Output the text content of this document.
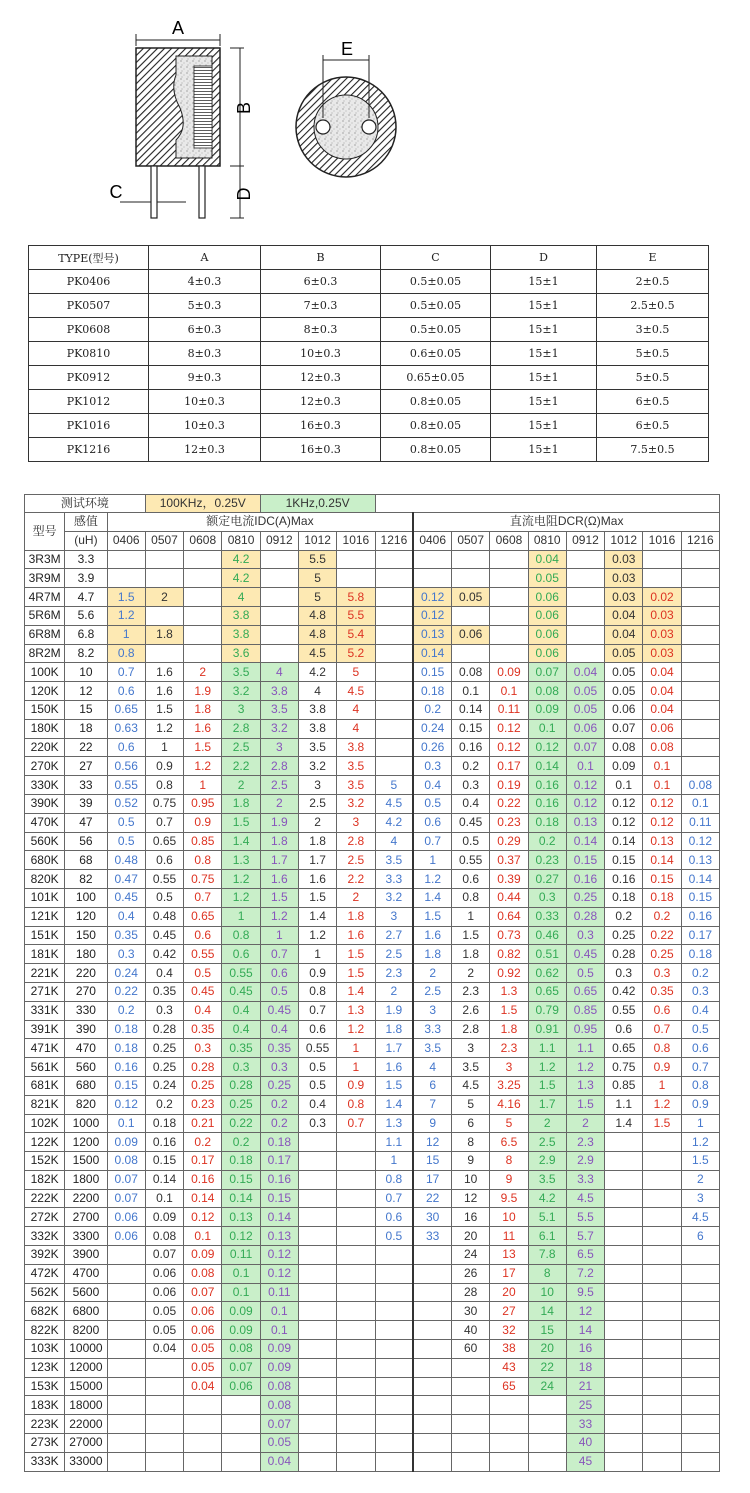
A
B
D
C
E
TYPE(型号)	A	B	C	D	E
PK0406	4±0.3	6±0.3	0.5±0.05	15±1	2±0.5
PK0507	5±0.3	7±0.3	0.5±0.05	15±1	2.5±0.5
PK0608	6±0.3	8±0.3	0.5±0.05	15±1	3±0.5
PK0810	8±0.3	10±0.3	0.6±0.05	15±1	5±0.5
PK0912	9±0.3	12±0.3	0.65±0.05	15±1	5±0.5
PK1012	10±0.3	12±0.3	0.8±0.05	15±1	6±0.5
PK1016	10±0.3	16±0.3	0.8±0.05	15±1	6±0.5
PK1216	12±0.3	16±0.3	0.8±0.05	15±1	7.5±0.5
测试环境			100KHz，0.25V			1KHz,0.25V											
型号	感值	额定电流IDC(A)Max								直流电阻DCR(Ω)Max							
	(uH)	0406	0507	0608	0810	0912	1012	1016	1216	0406	0507	0608	0810	0912	1012	1016	1216
3R3M	3.3				4.2		5.5						0.04		0.03		
3R9M	3.9				4.2		5						0.05		0.03		
4R7M	4.7	1.5	2		4		5	5.8		0.12	0.05		0.06		0.03	0.02	
5R6M	5.6	1.2			3.8		4.8	5.5		0.12			0.06		0.04	0.03	
6R8M	6.8	1	1.8		3.8		4.8	5.4		0.13	0.06		0.06		0.04	0.03	
8R2M	8.2	0.8			3.6		4.5	5.2		0.14			0.06		0.05	0.03	
100K	10	0.7	1.6	2	3.5	4	4.2	5		0.15	0.08	0.09	0.07	0.04	0.05	0.04	
120K	12	0.6	1.6	1.9	3.2	3.8	4	4.5		0.18	0.1	0.1	0.08	0.05	0.05	0.04	
150K	15	0.65	1.5	1.8	3	3.5	3.8	4		0.2	0.14	0.11	0.09	0.05	0.06	0.04	
180K	18	0.63	1.2	1.6	2.8	3.2	3.8	4		0.24	0.15	0.12	0.1	0.06	0.07	0.06	
220K	22	0.6	1	1.5	2.5	3	3.5	3.8		0.26	0.16	0.12	0.12	0.07	0.08	0.08	
270K	27	0.56	0.9	1.2	2.2	2.8	3.2	3.5		0.3	0.2	0.17	0.14	0.1	0.09	0.1	
330K	33	0.55	0.8	1	2	2.5	3	3.5	5	0.4	0.3	0.19	0.16	0.12	0.1	0.1	0.08
390K	39	0.52	0.75	0.95	1.8	2	2.5	3.2	4.5	0.5	0.4	0.22	0.16	0.12	0.12	0.12	0.1
470K	47	0.5	0.7	0.9	1.5	1.9	2	3	4.2	0.6	0.45	0.23	0.18	0.13	0.12	0.12	0.11
560K	56	0.5	0.65	0.85	1.4	1.8	1.8	2.8	4	0.7	0.5	0.29	0.2	0.14	0.14	0.13	0.12
680K	68	0.48	0.6	0.8	1.3	1.7	1.7	2.5	3.5	1	0.55	0.37	0.23	0.15	0.15	0.14	0.13
820K	82	0.47	0.55	0.75	1.2	1.6	1.6	2.2	3.3	1.2	0.6	0.39	0.27	0.16	0.16	0.15	0.14
101K	100	0.45	0.5	0.7	1.2	1.5	1.5	2	3.2	1.4	0.8	0.44	0.3	0.25	0.18	0.18	0.15
121K	120	0.4	0.48	0.65	1	1.2	1.4	1.8	3	1.5	1	0.64	0.33	0.28	0.2	0.2	0.16
151K	150	0.35	0.45	0.6	0.8	1	1.2	1.6	2.7	1.6	1.5	0.73	0.46	0.3	0.25	0.22	0.17
181K	180	0.3	0.42	0.55	0.6	0.7	1	1.5	2.5	1.8	1.8	0.82	0.51	0.45	0.28	0.25	0.18
221K	220	0.24	0.4	0.5	0.55	0.6	0.9	1.5	2.3	2	2	0.92	0.62	0.5	0.3	0.3	0.2
271K	270	0.22	0.35	0.45	0.45	0.5	0.8	1.4	2	2.5	2.3	1.3	0.65	0.65	0.42	0.35	0.3
331K	330	0.2	0.3	0.4	0.4	0.45	0.7	1.3	1.9	3	2.6	1.5	0.79	0.85	0.55	0.6	0.4
391K	390	0.18	0.28	0.35	0.4	0.4	0.6	1.2	1.8	3.3	2.8	1.8	0.91	0.95	0.6	0.7	0.5
471K	470	0.18	0.25	0.3	0.35	0.35	0.55	1	1.7	3.5	3	2.3	1.1	1.1	0.65	0.8	0.6
561K	560	0.16	0.25	0.28	0.3	0.3	0.5	1	1.6	4	3.5	3	1.2	1.2	0.75	0.9	0.7
681K	680	0.15	0.24	0.25	0.28	0.25	0.5	0.9	1.5	6	4.5	3.25	1.5	1.3	0.85	1	0.8
821K	820	0.12	0.2	0.23	0.25	0.2	0.4	0.8	1.4	7	5	4.16	1.7	1.5	1.1	1.2	0.9
102K	1000	0.1	0.18	0.21	0.22	0.2	0.3	0.7	1.3	9	6	5	2	2	1.4	1.5	1
122K	1200	0.09	0.16	0.2	0.2	0.18			1.1	12	8	6.5	2.5	2.3			1.2
152K	1500	0.08	0.15	0.17	0.18	0.17			1	15	9	8	2.9	2.9			1.5
182K	1800	0.07	0.14	0.16	0.15	0.16			0.8	17	10	9	3.5	3.3			2
222K	2200	0.07	0.1	0.14	0.14	0.15			0.7	22	12	9.5	4.2	4.5			3
272K	2700	0.06	0.09	0.12	0.13	0.14			0.6	30	16	10	5.1	5.5			4.5
332K	3300	0.06	0.08	0.1	0.12	0.13			0.5	33	20	11	6.1	5.7			6
392K	3900		0.07	0.09	0.11	0.12					24	13	7.8	6.5			
472K	4700		0.06	0.08	0.1	0.12					26	17	8	7.2			
562K	5600		0.06	0.07	0.1	0.11					28	20	10	9.5			
682K	6800		0.05	0.06	0.09	0.1					30	27	14	12			
822K	8200		0.05	0.06	0.09	0.1					40	32	15	14			
103K	10000		0.04	0.05	0.08	0.09					60	38	20	16			
123K	12000			0.05	0.07	0.09						43	22	18			
153K	15000			0.04	0.06	0.08						65	24	21			
183K	18000					0.08								25			
223K	22000					0.07								33			
273K	27000					0.05								40			
333K	33000					0.04								45			
